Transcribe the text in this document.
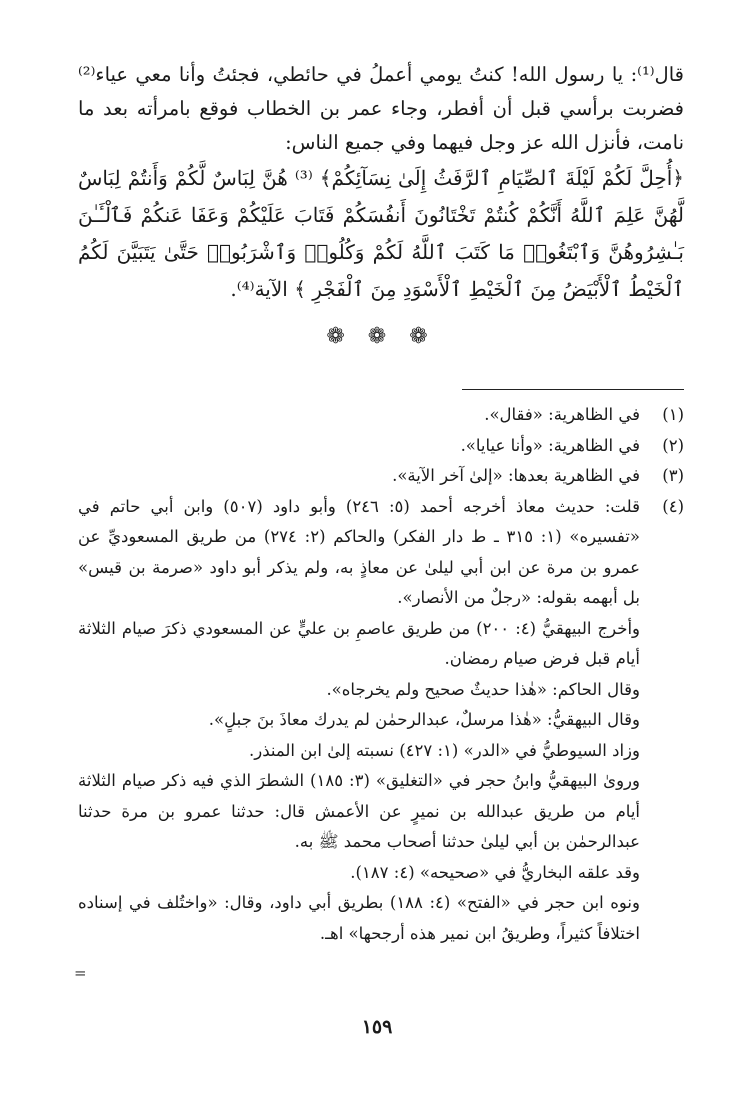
قال⁽¹⁾: يا رسول الله! كنتُ يومي أعملُ في حائطي، فجئتُ وأنا معي عياء⁽²⁾ فضربت برأسي قبل أن أفطر، وجاء عمر بن الخطاب فوقع بامرأته بعد ما نامت، فأنزل الله عز وجل فيهما وفي جميع الناس:

﴿أُحِلَّ لَكُمْ لَيْلَةَ ٱلصِّيَامِ ٱلرَّفَثُ إِلَىٰ نِسَآئِكُمْ﴾ ⁽³⁾ هُنَّ لِبَاسٌ لَّكُمْ وَأَنتُمْ لِبَاسٌ لَّهُنَّ عَلِمَ ٱللَّهُ أَنَّكُمْ كُنتُمْ تَخْتَانُونَ أَنفُسَكُمْ فَتَابَ عَلَيْكُمْ وَعَفَا عَنكُمْ فَٱلْـَٔـٰنَ بَـٰشِرُوهُنَّ وَٱبْتَغُوا۟ مَا كَتَبَ ٱللَّهُ لَكُمْ وَكُلُوا۟ وَٱشْرَبُوا۟ حَتَّىٰ يَتَبَيَّنَ لَكُمُ ٱلْخَيْطُ ٱلْأَبْيَضُ مِنَ ٱلْخَيْطِ ٱلْأَسْوَدِ مِنَ ٱلْفَجْرِ ﴾ الآية⁽⁴⁾.
❁ ❁ ❁
(١)

في الظاهرية: «فقال».

(٢)

في الظاهرية: «وأنا عيايا».

(٣)

في الظاهرية بعدها: «إلىٰ آخر الآية».

(٤)

قلت: حديث معاذ أخرجه أحمد (٥: ٢٤٦) وأبو داود (٥٠٧) وابن أبي حاتم في «تفسيره» (١: ٣١٥ ـ ط دار الفكر) والحاكم (٢: ٢٧٤) من طريق المسعوديِّ عن عمرو بن مرة عن ابن أبي ليلىٰ عن معاذٍ به، ولم يذكر أبو داود «صرمة بن قيس» بل أبهمه بقوله: «رجلٌ من الأنصار».

وأخرج البيهقيُّ (٤: ٢٠٠) من طريق عاصمِ بن عليٍّ عن المسعودي ذكرَ صيام الثلاثة أيام قبل فرض صيام رمضان.

وقال الحاكم: «هٰذا حديثٌ صحيح ولم يخرجاه».

وقال البيهقيُّ: «هٰذا مرسلٌ، عبدالرحمٰن لم يدرك معاذَ بنَ جبلٍ».

وزاد السيوطيُّ في «الدر» (١: ٤٢٧) نسبته إلىٰ ابن المنذر.

ورویٰ البيهقيُّ وابنُ حجر في «التغليق» (٣: ١٨٥) الشطرَ الذي فيه ذكر صيام الثلاثة أيام من طريق عبدالله بن نميرٍ عن الأعمش قال: حدثنا عمرو بن مرة حدثنا عبدالرحمٰن بن أبي ليلىٰ حدثنا أصحاب محمد ﷺ به.

وقد علقه البخاريُّ في «صحيحه» (٤: ١٨٧).

ونوه ابن حجر في «الفتح» (٤: ١٨٨) بطريق أبي داود، وقال: «واختُلف في إسناده اختلافاً كثيراً، وطريقُ ابن نمير هذه أرجحها» اهـ.

=
١٥٩
